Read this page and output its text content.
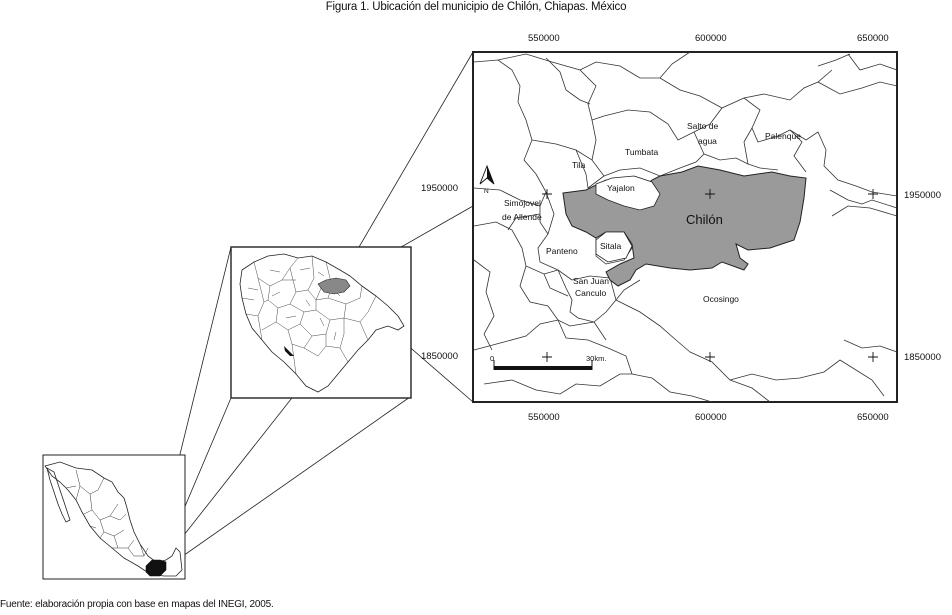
Figura 1. Ubicación del municipio de Chilón, Chiapas. México
N
0	30km.
Chilón
Salto de
agua	Palenque
Tumbata
Tila
Yajalon
Simojovel
de Allende
Panteno	Sitala
San Juan
Canculo
Ocosingo
550000	600000	650000
550000	600000	650000
1950000
1850000
1950000
1850000
Fuente: elaboración propia con base en mapas del INEGI, 2005.
